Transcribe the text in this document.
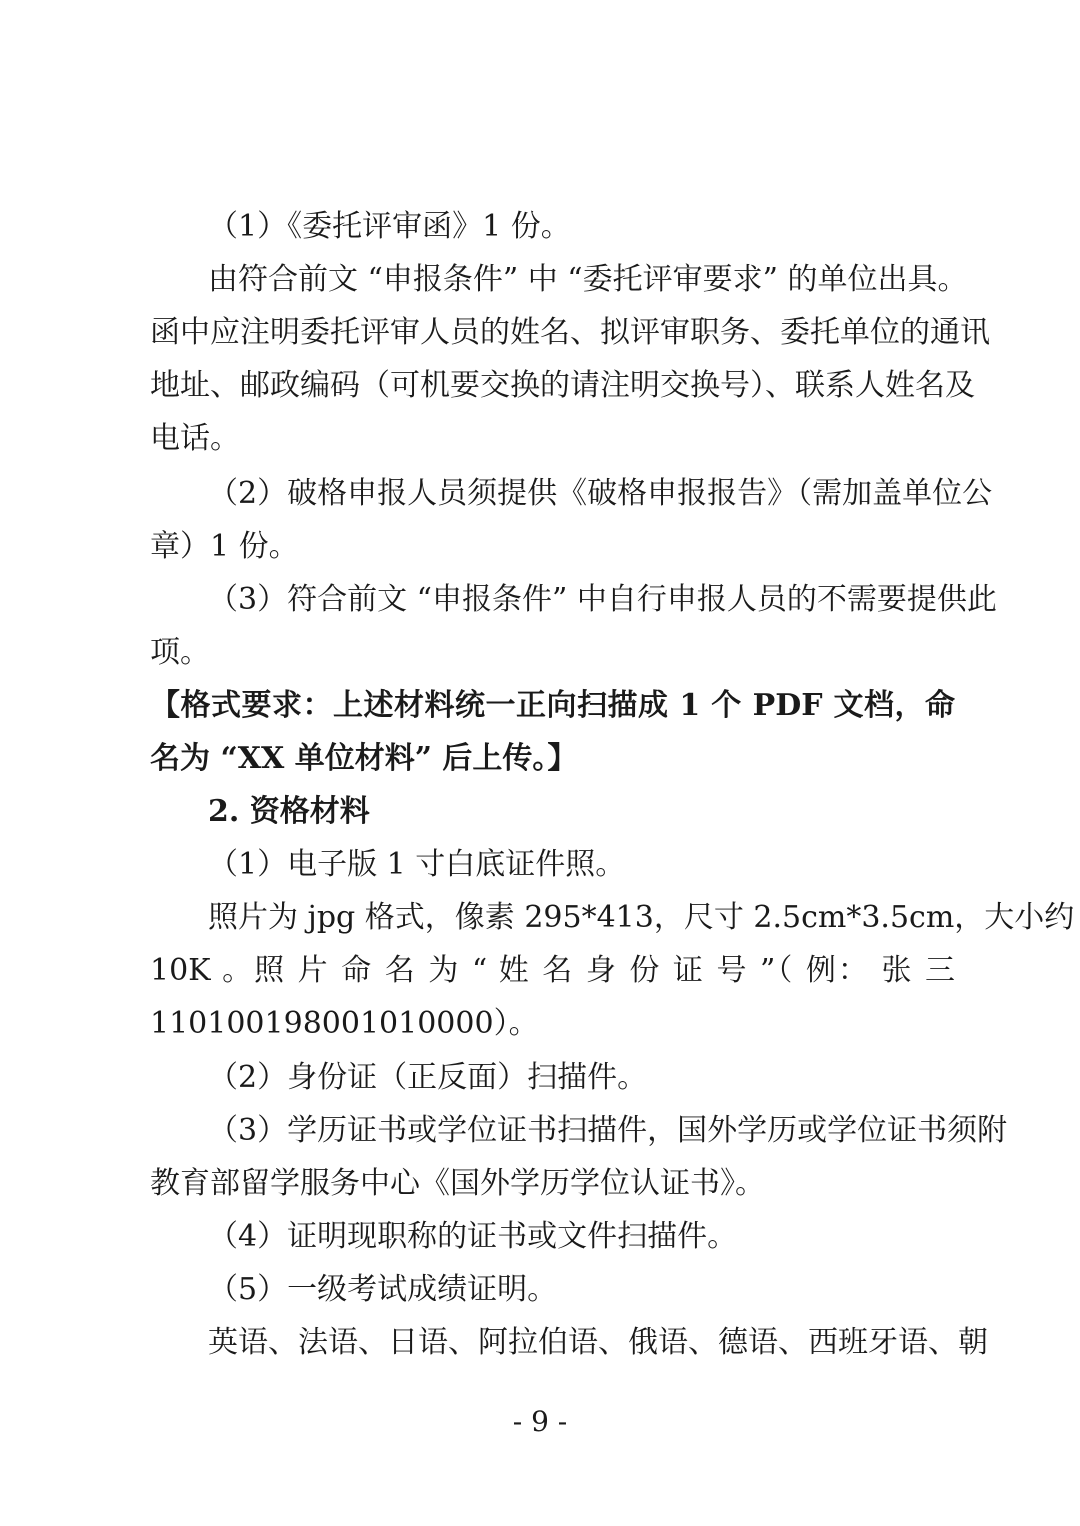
（1）《委托评审函》1 份。
由符合前文 “申报条件” 中 “委托评审要求” 的单位出具。
函中应注明委托评审人员的姓名、拟评审职务、委托单位的通讯
地址、邮政编码（可机要交换的请注明交换号）、联系人姓名及
电话。
（2）破格申报人员须提供《破格申报报告》（需加盖单位公
章）1 份。
（3）符合前文 “申报条件” 中自行申报人员的不需要提供此
项。
【格式要求：上述材料统一正向扫描成 1 个 PDF 文档，命
名为 “XX 单位材料” 后上传。】
2. 资格材料
（1）电子版 1 寸白底证件照。
照片为 jpg 格式，像素 295*413，尺寸 2.5cm*3.5cm，大小约
10K 。照 片 命 名 为 “ 姓 名 身 份 证 号 ”（ 例： 张 三
110100198001010000）。
（2）身份证（正反面）扫描件。
（3）学历证书或学位证书扫描件，国外学历或学位证书须附
教育部留学服务中心《国外学历学位认证书》。
（4）证明现职称的证书或文件扫描件。
（5）一级考试成绩证明。
英语、法语、日语、阿拉伯语、俄语、德语、西班牙语、朝
- 9 -
